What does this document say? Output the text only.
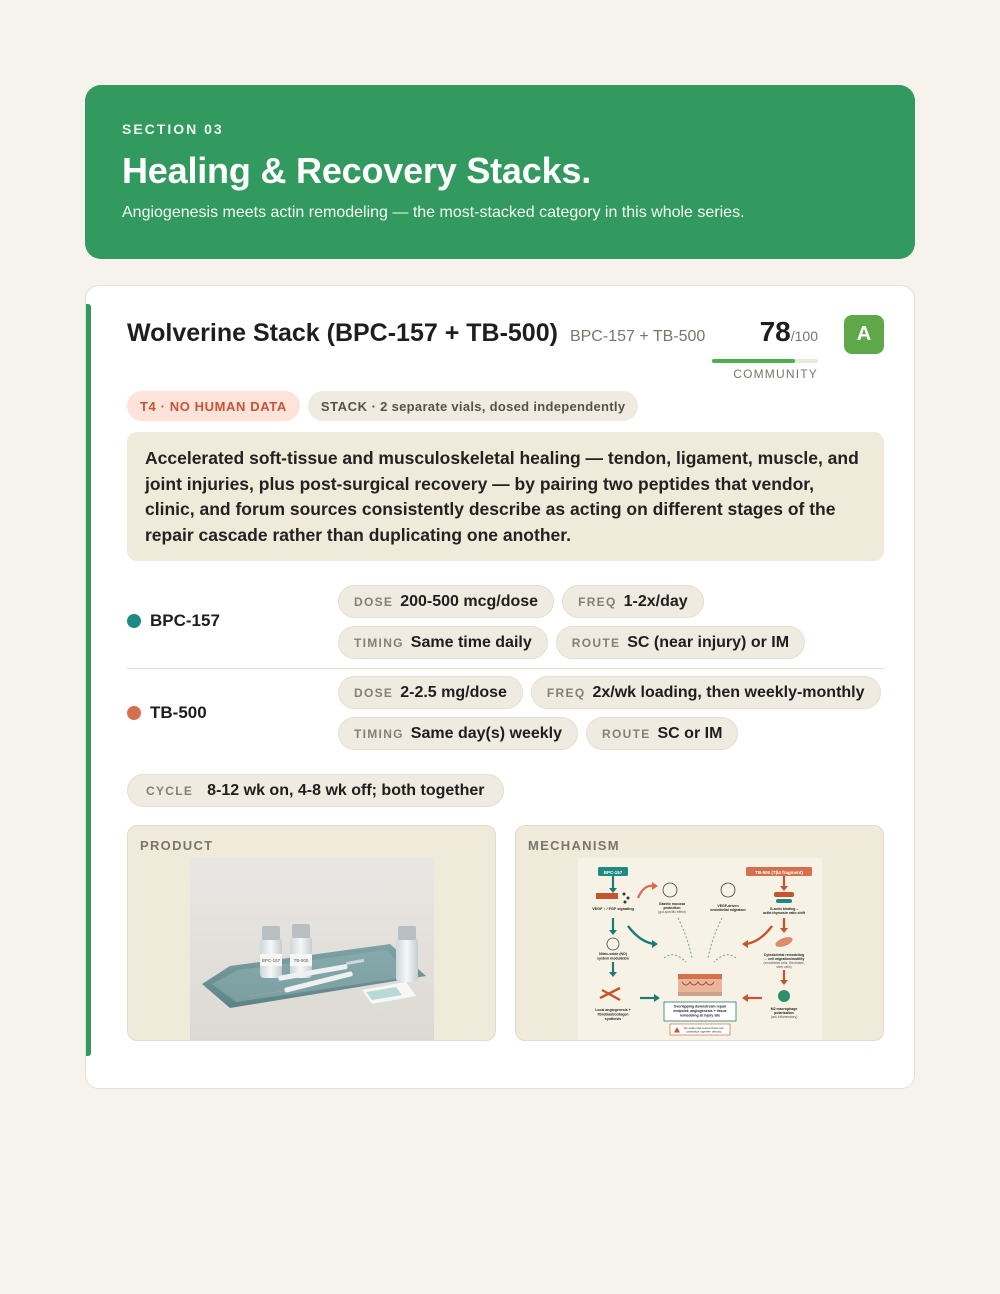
SECTION 03
Healing & Recovery Stacks.
Angiogenesis meets actin remodeling — the most-stacked category in this whole series.
Wolverine Stack (BPC-157 + TB-500) BPC-157 + TB-500	78/100
COMMUNITY
A
T4 · NO HUMAN DATA	STACK · 2 separate vials, dosed independently
Accelerated soft-tissue and musculoskeletal healing — tendon, ligament, muscle, and joint injuries, plus post-surgical recovery — by pairing two peptides that vendor, clinic, and forum sources consistently describe as acting on different stages of the repair cascade rather than duplicating one another.
BPC-157
DOSE 200-500 mcg/dose	FREQ 1-2x/day
TIMING Same time daily	ROUTE SC (near injury) or IM
TB-500
DOSE 2-2.5 mg/dose	FREQ 2x/wk loading, then weekly-monthly
TIMING Same day(s) weekly	ROUTE SC or IM
CYCLE 8-12 wk on, 4-8 wk off; both together
PRODUCT
BPC-157	TB-500
MECHANISM
BPC-157	TB-500 (Tβ4 fragment)
VEGF ↑ / FGF signaling
Nitric-oxide (NO)
system modulation
Local angiogenesis +
fibroblast/collagen
synthesis
Gastric mucosa
protection
(gut-specific effect)
VEGF-driven
endothelial migration	G-actin binding –
actin:thymosin ratio shift
Cytoskeletal remodeling
→ cell migration/motility
(endothelial cells, fibroblasts,
stem cells)
M2 macrophage
polarization
(anti-inflammatory)
Overlapping downstream repair
endpoint: angiogenesis + tissue
remodeling at injury site
No study has tested these two
pathways together directly
